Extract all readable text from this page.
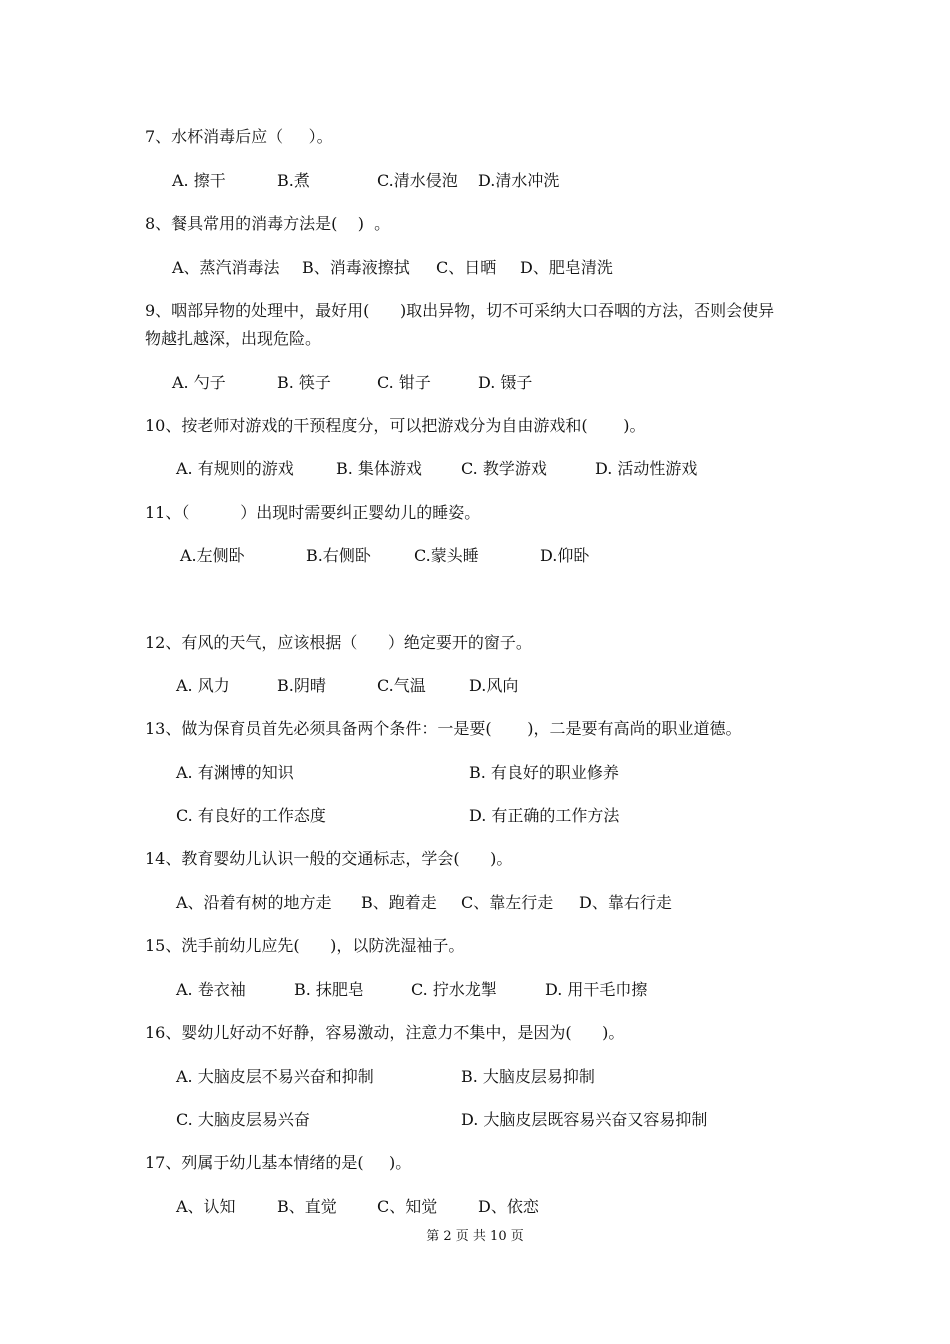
7、水杯消毒后应（     ）。
A. 擦干	B.煮	C.清水侵泡 D.清水冲洗
8、餐具常用的消毒方法是(    )  。
A、蒸汽消毒法 B、消毒液擦拭 C、日晒 D、肥皂清洗
9、咽部异物的处理中，最好用(      )取出异物，切不可采纳大口吞咽的方法，否则会使异
物越扎越深，出现危险。
A. 勺子	B. 筷子	C. 钳子	D. 镊子
10、按老师对游戏的干预程度分，可以把游戏分为自由游戏和(       )。
A. 有规则的游戏	B. 集体游戏 C. 教学游戏	D. 活动性游戏
11、（          ）出现时需要纠正婴幼儿的睡姿。
A.左侧卧	B.右侧卧	C.蒙头睡	D.仰卧
12、有风的天气，应该根据（      ）绝定要开的窗子。
A. 风力	B.阴晴	C.气温	D.风向
13、做为保育员首先必须具备两个条件：一是要(       )，二是要有高尚的职业道德。
A. 有渊博的知识	B. 有良好的职业修养
C. 有良好的工作态度	D. 有正确的工作方法
14、教育婴幼儿认识一般的交通标志，学会(      )。
A、沿着有树的地方走 B、跑着走 C、靠左行走 D、靠右行走
15、洗手前幼儿应先(      )，以防洗湿袖子。
A. 卷衣袖	B. 抹肥皂	C. 拧水龙掣	D. 用干毛巾擦
16、婴幼儿好动不好静，容易激动，注意力不集中，是因为(      )。
A. 大脑皮层不易兴奋和抑制	B. 大脑皮层易抑制
C. 大脑皮层易兴奋	D. 大脑皮层既容易兴奋又容易抑制
17、列属于幼儿基本情绪的是(     )。
A、认知	B、直觉	C、知觉	D、依恋
第 2 页 共 10 页
